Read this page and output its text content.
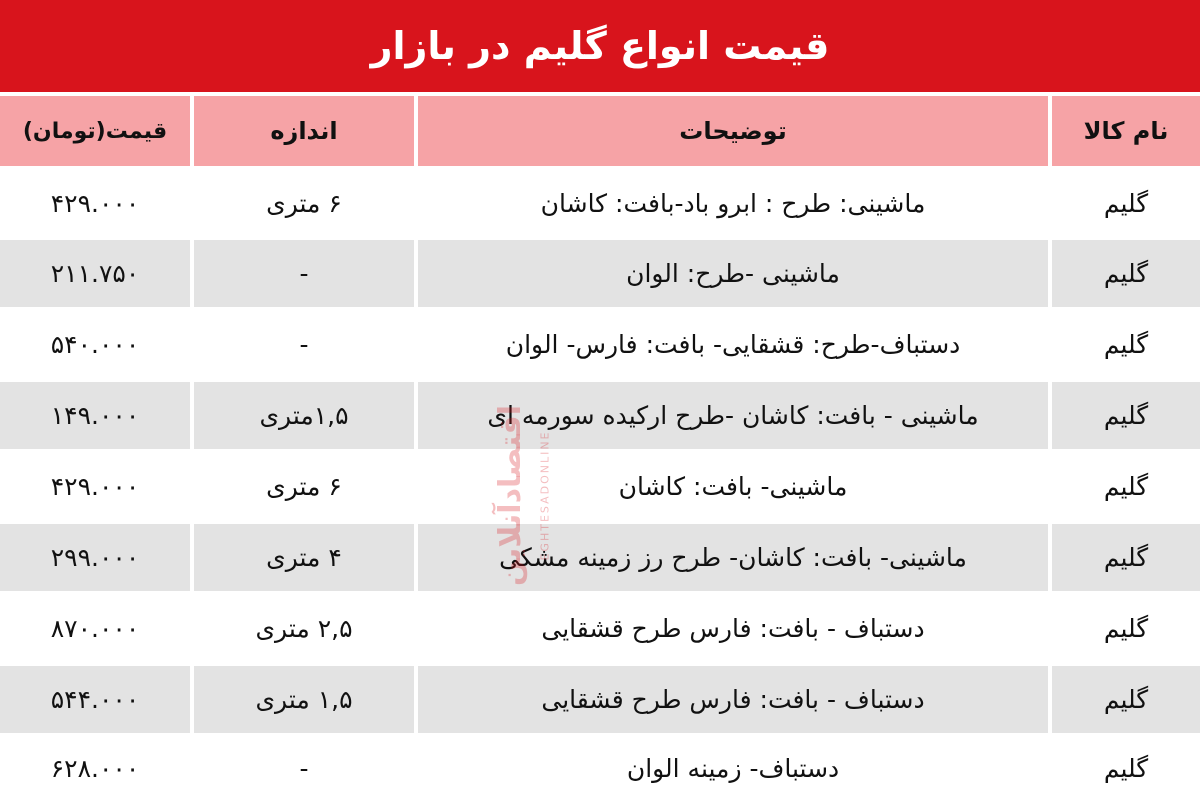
قیمت انواع گلیم در بازار
نام کالا
توضیحات
اندازه
قیمت(تومان)
گلیم
ماشینی: طرح : ابرو باد-بافت: کاشان
۶ متری
۴۲۹.۰۰۰
گلیم
ماشینی -طرح: الوان
-
۲۱۱.۷۵۰
گلیم
دستباف-طرح: قشقایی- بافت: فارس- الوان
-
۵۴۰.۰۰۰
گلیم
ماشینی - بافت: کاشان -طرح ارکیده سورمه ای
۱,۵متری
۱۴۹.۰۰۰
گلیم
ماشینی- بافت: کاشان
۶ متری
۴۲۹.۰۰۰
گلیم
ماشینی- بافت: کاشان- طرح رز زمینه مشکی
۴ متری
۲۹۹.۰۰۰
گلیم
دستباف - بافت: فارس طرح قشقایی
۲,۵ متری
۸۷۰.۰۰۰
گلیم
دستباف - بافت: فارس طرح قشقایی
۱,۵ متری
۵۴۴.۰۰۰
گلیم
دستباف- زمینه الوان
-
۶۲۸.۰۰۰
اقتصادآنلاین EGHTESADONLINE
